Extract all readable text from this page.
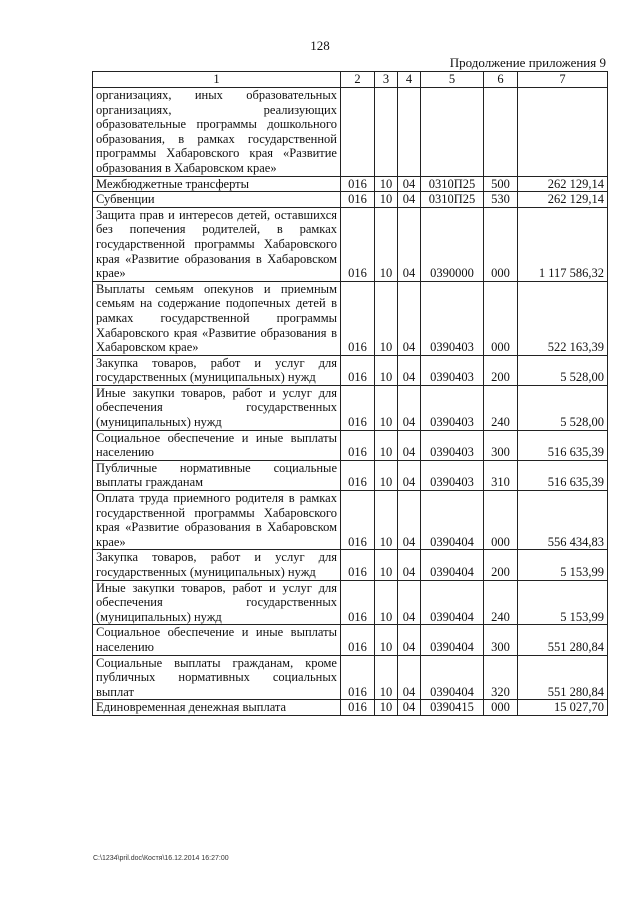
128
Продолжение приложения 9
1	2	3	4	5	6	7
организациях, иных образовательных организациях, реализующих образовательные программы дошкольного образования, в рамках государственной программы Хабаровского края «Развитие образования в Хабаровском крае»						
Межбюджетные трансферты	016	10	04	0310П25	500	262 129,14
Субвенции	016	10	04	0310П25	530	262 129,14
Защита прав и интересов детей, оставшихся без попечения родителей, в рамках государственной программы Хабаровского края «Развитие образования в Хабаровском крае»	016	10	04	0390000	000	1 117 586,32
Выплаты семьям опекунов и приемным семьям на содержание подопечных детей в рамках государственной программы Хабаровского края «Развитие образования в Хабаровском крае»	016	10	04	0390403	000	522 163,39
Закупка товаров, работ и услуг для государственных (муниципальных) нужд	016	10	04	0390403	200	5 528,00
Иные закупки товаров, работ и услуг для обеспечения государственных (муниципальных) нужд	016	10	04	0390403	240	5 528,00
Социальное обеспечение и иные выплаты населению	016	10	04	0390403	300	516 635,39
Публичные нормативные социальные выплаты гражданам	016	10	04	0390403	310	516 635,39
Оплата труда приемного родителя в рамках государственной программы Хабаровского края «Развитие образования в Хабаровском крае»	016	10	04	0390404	000	556 434,83
Закупка товаров, работ и услуг для государственных (муниципальных) нужд	016	10	04	0390404	200	5 153,99
Иные закупки товаров, работ и услуг для обеспечения государственных (муниципальных) нужд	016	10	04	0390404	240	5 153,99
Социальное обеспечение и иные выплаты населению	016	10	04	0390404	300	551 280,84
Социальные выплаты гражданам, кроме публичных нормативных социальных выплат	016	10	04	0390404	320	551 280,84
Единовременная денежная выплата	016	10	04	0390415	000	15 027,70
C:\1234\pril.doc\Костя\16.12.2014 16:27:00
